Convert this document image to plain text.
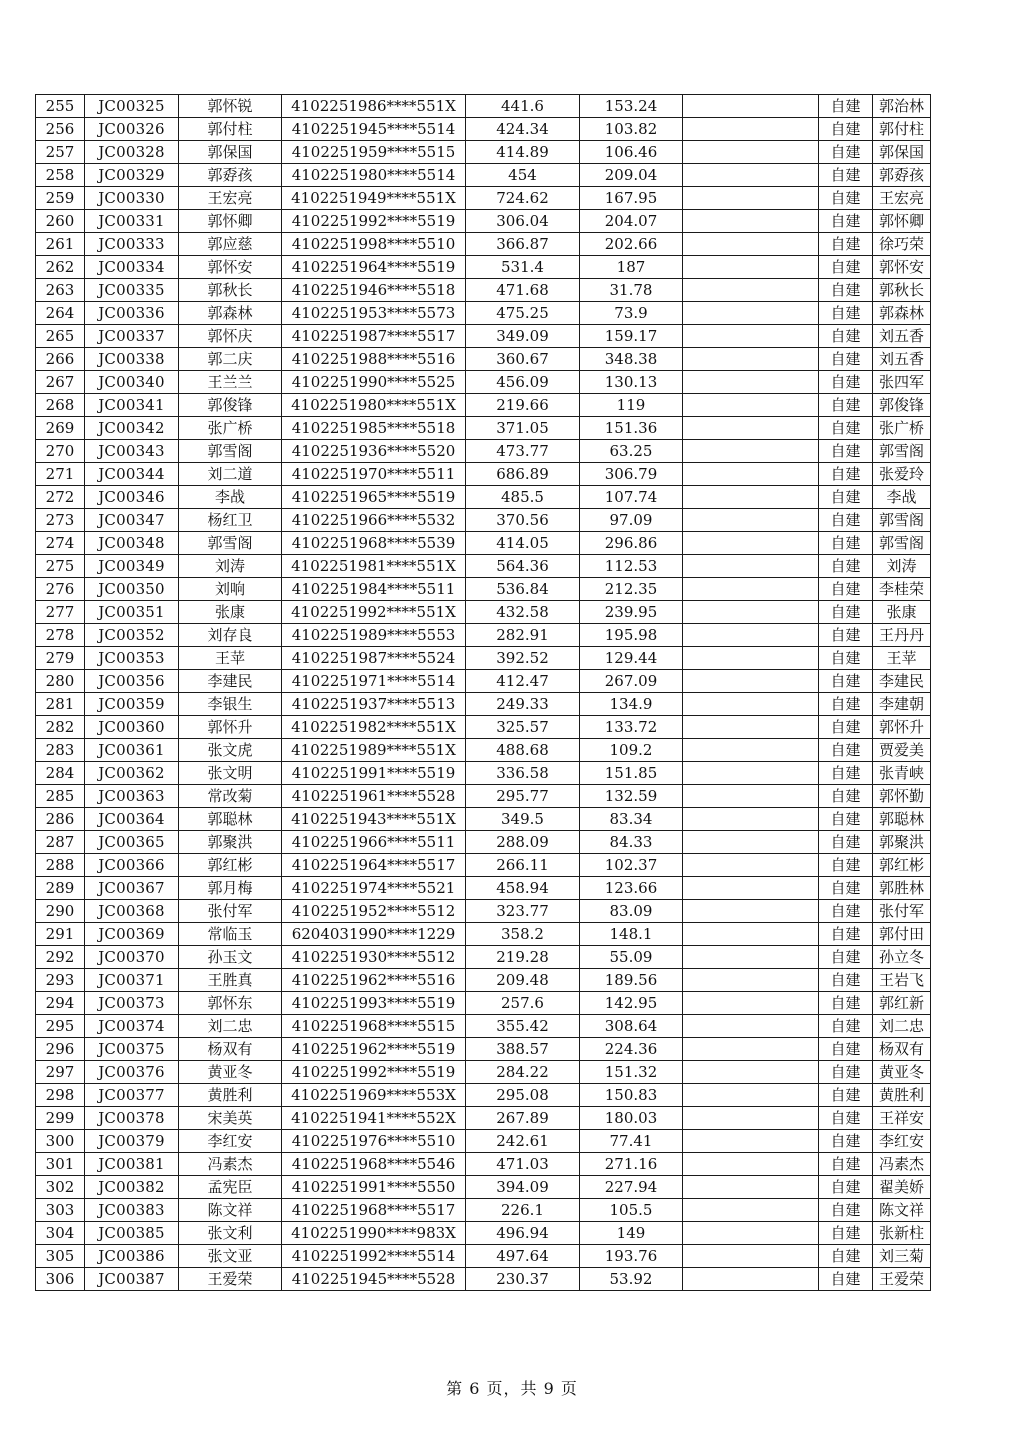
255	JC00325	郭怀锐	4102251986****551X	441.6	153.24		自建	郭治林
256	JC00326	郭付柱	4102251945****5514	424.34	103.82		自建	郭付柱
257	JC00328	郭保国	4102251959****5515	414.89	106.46		自建	郭保国
258	JC00329	郭孬孩	4102251980****5514	454	209.04		自建	郭孬孩
259	JC00330	王宏亮	4102251949****551X	724.62	167.95		自建	王宏亮
260	JC00331	郭怀卿	4102251992****5519	306.04	204.07		自建	郭怀卿
261	JC00333	郭应慈	4102251998****5510	366.87	202.66		自建	徐巧荣
262	JC00334	郭怀安	4102251964****5519	531.4	187		自建	郭怀安
263	JC00335	郭秋长	4102251946****5518	471.68	31.78		自建	郭秋长
264	JC00336	郭森林	4102251953****5573	475.25	73.9		自建	郭森林
265	JC00337	郭怀庆	4102251987****5517	349.09	159.17		自建	刘五香
266	JC00338	郭二庆	4102251988****5516	360.67	348.38		自建	刘五香
267	JC00340	王兰兰	4102251990****5525	456.09	130.13		自建	张四军
268	JC00341	郭俊锋	4102251980****551X	219.66	119		自建	郭俊锋
269	JC00342	张广桥	4102251985****5518	371.05	151.36		自建	张广桥
270	JC00343	郭雪阁	4102251936****5520	473.77	63.25		自建	郭雪阁
271	JC00344	刘二道	4102251970****5511	686.89	306.79		自建	张爱玲
272	JC00346	李战	4102251965****5519	485.5	107.74		自建	李战
273	JC00347	杨红卫	4102251966****5532	370.56	97.09		自建	郭雪阁
274	JC00348	郭雪阁	4102251968****5539	414.05	296.86		自建	郭雪阁
275	JC00349	刘涛	4102251981****551X	564.36	112.53		自建	刘涛
276	JC00350	刘响	4102251984****5511	536.84	212.35		自建	李桂荣
277	JC00351	张康	4102251992****551X	432.58	239.95		自建	张康
278	JC00352	刘存良	4102251989****5553	282.91	195.98		自建	王丹丹
279	JC00353	王苹	4102251987****5524	392.52	129.44		自建	王苹
280	JC00356	李建民	4102251971****5514	412.47	267.09		自建	李建民
281	JC00359	李银生	4102251937****5513	249.33	134.9		自建	李建朝
282	JC00360	郭怀升	4102251982****551X	325.57	133.72		自建	郭怀升
283	JC00361	张文虎	4102251989****551X	488.68	109.2		自建	贾爱美
284	JC00362	张文明	4102251991****5519	336.58	151.85		自建	张青峡
285	JC00363	常改菊	4102251961****5528	295.77	132.59		自建	郭怀勤
286	JC00364	郭聪林	4102251943****551X	349.5	83.34		自建	郭聪林
287	JC00365	郭聚洪	4102251966****5511	288.09	84.33		自建	郭聚洪
288	JC00366	郭红彬	4102251964****5517	266.11	102.37		自建	郭红彬
289	JC00367	郭月梅	4102251974****5521	458.94	123.66		自建	郭胜林
290	JC00368	张付军	4102251952****5512	323.77	83.09		自建	张付军
291	JC00369	常临玉	6204031990****1229	358.2	148.1		自建	郭付田
292	JC00370	孙玉文	4102251930****5512	219.28	55.09		自建	孙立冬
293	JC00371	王胜真	4102251962****5516	209.48	189.56		自建	王岩飞
294	JC00373	郭怀东	4102251993****5519	257.6	142.95		自建	郭红新
295	JC00374	刘二忠	4102251968****5515	355.42	308.64		自建	刘二忠
296	JC00375	杨双有	4102251962****5519	388.57	224.36		自建	杨双有
297	JC00376	黄亚冬	4102251992****5519	284.22	151.32		自建	黄亚冬
298	JC00377	黄胜利	4102251969****553X	295.08	150.83		自建	黄胜利
299	JC00378	宋美英	4102251941****552X	267.89	180.03		自建	王祥安
300	JC00379	李红安	4102251976****5510	242.61	77.41		自建	李红安
301	JC00381	冯素杰	4102251968****5546	471.03	271.16		自建	冯素杰
302	JC00382	孟宪臣	4102251991****5550	394.09	227.94		自建	翟美娇
303	JC00383	陈文祥	4102251968****5517	226.1	105.5		自建	陈文祥
304	JC00385	张文利	4102251990****983X	496.94	149		自建	张新柱
305	JC00386	张文亚	4102251992****5514	497.64	193.76		自建	刘三菊
306	JC00387	王爱荣	4102251945****5528	230.37	53.92		自建	王爱荣
第 6 页，共 9 页
